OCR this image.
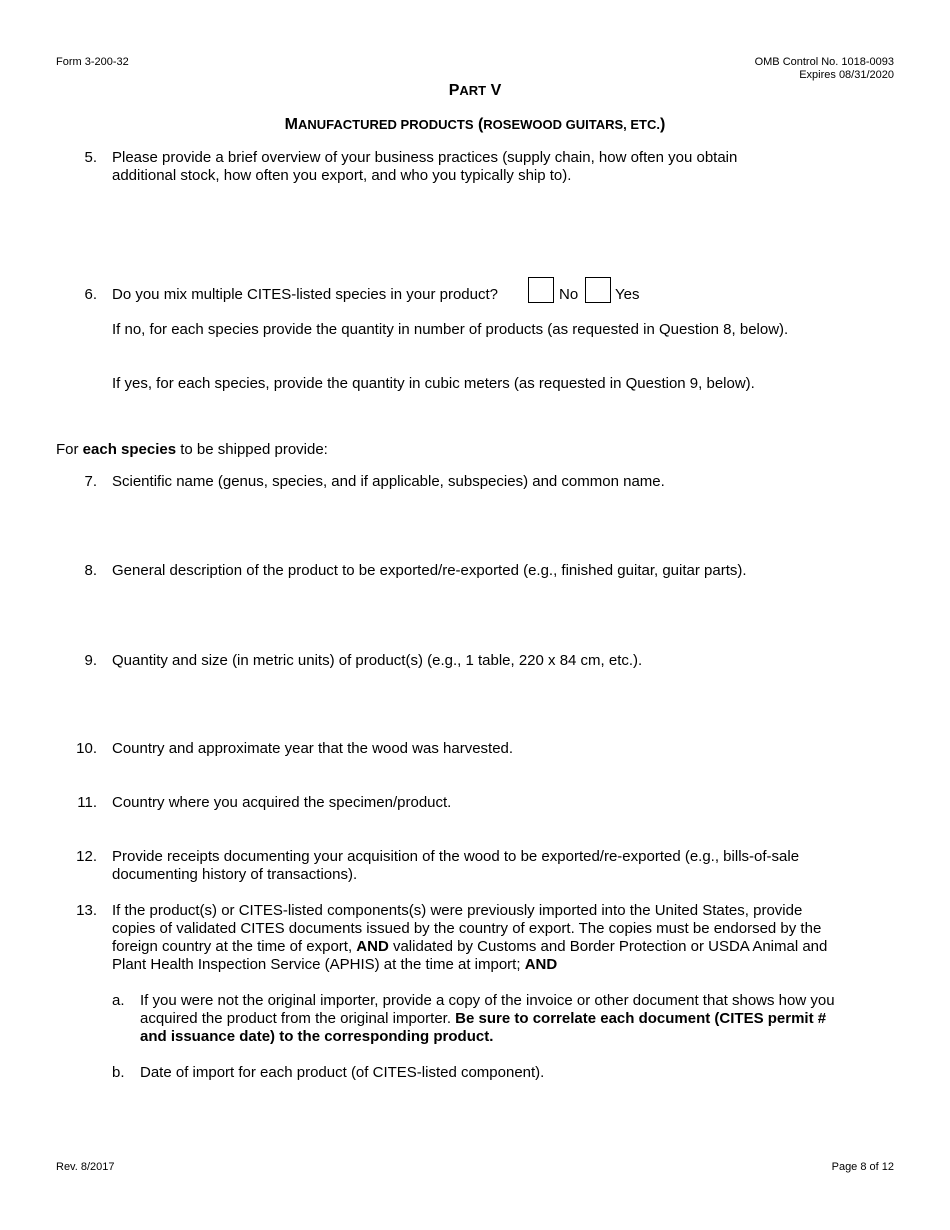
Form 3-200-32	OMB Control No. 1018-0093
Expires 08/31/2020
PART V
MANUFACTURED PRODUCTS (ROSEWOOD GUITARS, ETC.)
5. Please provide a brief overview of your business practices (supply chain, how often you obtain
additional stock, how often you export, and who you typically ship to).
6. Do you mix multiple CITES-listed species in your product?	No Yes
If no, for each species provide the quantity in number of products (as requested in Question 8, below).
If yes, for each species, provide the quantity in cubic meters (as requested in Question 9, below).
For each species to be shipped provide:
7. Scientific name (genus, species, and if applicable, subspecies) and common name.
8. General description of the product to be exported/re-exported (e.g., finished guitar, guitar parts).
9. Quantity and size (in metric units) of product(s) (e.g., 1 table, 220 x 84 cm, etc.).
10. Country and approximate year that the wood was harvested.
11. Country where you acquired the specimen/product.
12. Provide receipts documenting your acquisition of the wood to be exported/re-exported (e.g., bills-of-sale
documenting history of transactions).
13. If the product(s) or CITES-listed components(s) were previously imported into the United States, provide
copies of validated CITES documents issued by the country of export. The copies must be endorsed by the
foreign country at the time of export, AND validated by Customs and Border Protection or USDA Animal and
Plant Health Inspection Service (APHIS) at the time at import; AND
a. If you were not the original importer, provide a copy of the invoice or other document that shows how you
acquired the product from the original importer. Be sure to correlate each document (CITES permit #
and issuance date) to the corresponding product.
b. Date of import for each product (of CITES-listed component).
Rev. 8/2017	Page 8 of 12
